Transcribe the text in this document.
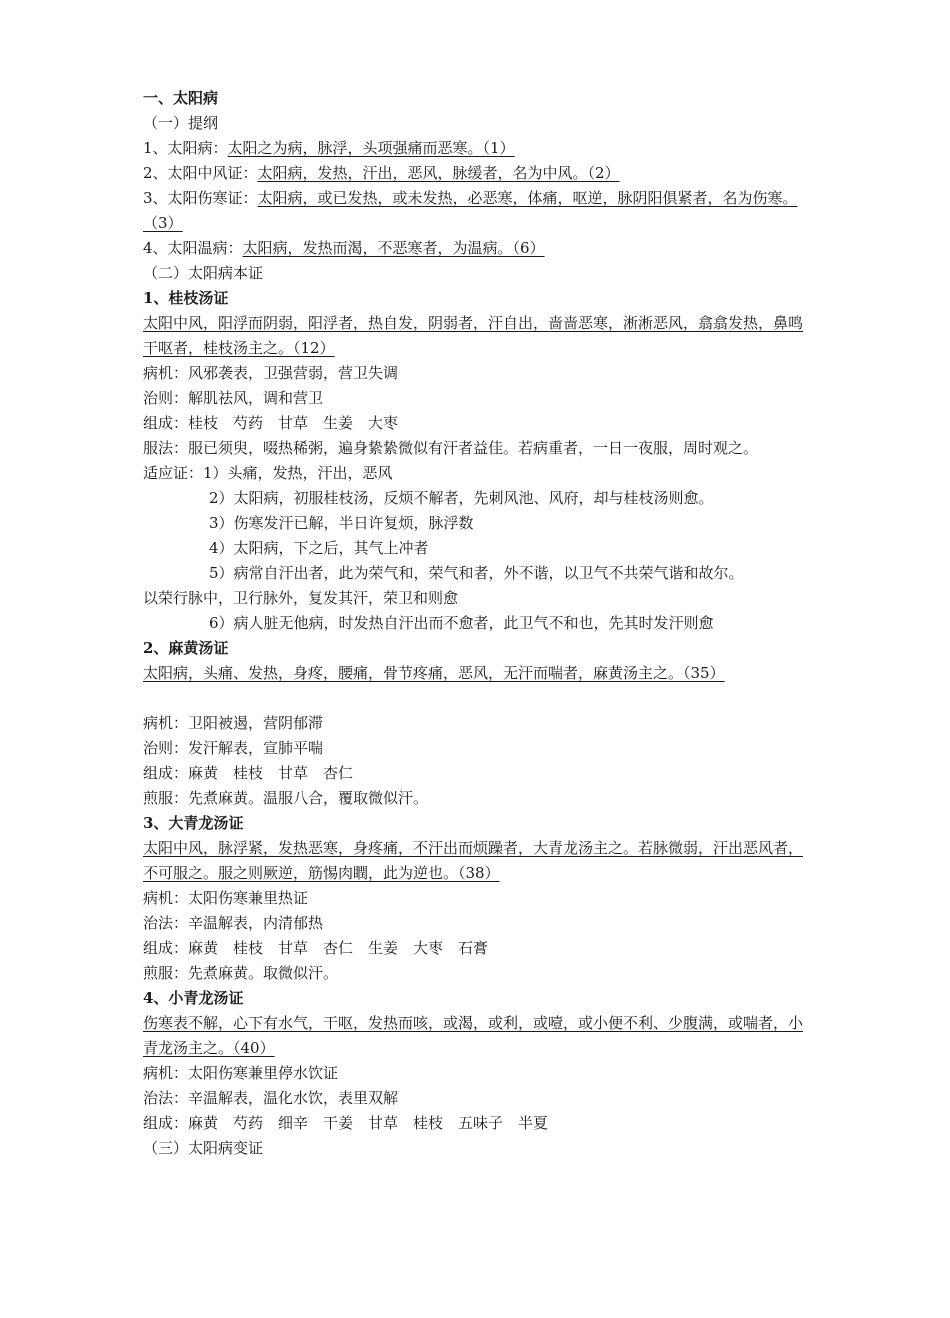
一、太阳病
（一）提纲
1、太阳病：太阳之为病，脉浮，头项强痛而恶寒。（1）
2、太阳中风证：太阳病，发热，汗出，恶风，脉缓者，名为中风。（2）
3、太阳伤寒证：太阳病，或已发热，或未发热，必恶寒，体痛，呕逆，脉阴阳俱紧者，名为伤寒。（3）
4、太阳温病：太阳病，发热而渴，不恶寒者，为温病。（6）
（二）太阳病本证
1、桂枝汤证
太阳中风，阳浮而阴弱，阳浮者，热自发，阴弱者，汗自出，啬啬恶寒，淅淅恶风，翕翕发热，鼻鸣干呕者，桂枝汤主之。（12）
病机：风邪袭表，卫强营弱，营卫失调
治则：解肌祛风，调和营卫
组成：桂枝　芍药　甘草　生姜　大枣
服法：服已须臾，啜热稀粥，遍身絷絷微似有汗者益佳。若病重者，一日一夜服，周时观之。
适应证：1）头痛，发热，汗出，恶风
2）太阳病，初服桂枝汤，反烦不解者，先刺风池、风府，却与桂枝汤则愈。
3）伤寒发汗已解，半日许复烦，脉浮数
4）太阳病，下之后，其气上冲者
5）病常自汗出者，此为荣气和，荣气和者，外不谐，以卫气不共荣气谐和故尔。
以荣行脉中，卫行脉外，复发其汗，荣卫和则愈
6）病人脏无他病，时发热自汗出而不愈者，此卫气不和也，先其时发汗则愈
2、麻黄汤证
太阳病，头痛、发热，身疼，腰痛，骨节疼痛，恶风，无汗而喘者，麻黄汤主之。（35）
病机：卫阳被遏，营阴郁滞
治则：发汗解表，宣肺平喘
组成：麻黄　桂枝　甘草　杏仁
煎服：先煮麻黄。温服八合，覆取微似汗。
3、大青龙汤证
太阳中风，脉浮紧，发热恶寒，身疼痛，不汗出而烦躁者，大青龙汤主之。若脉微弱，汗出恶风者，不可服之。服之则厥逆，筋惕肉瞤，此为逆也。（38）
病机：太阳伤寒兼里热证
治法：辛温解表，内清郁热
组成：麻黄　桂枝　甘草　杏仁　生姜　大枣　石膏
煎服：先煮麻黄。取微似汗。
4、小青龙汤证
伤寒表不解，心下有水气，干呕，发热而咳，或渴，或利，或噎，或小便不利、少腹满，或喘者，小青龙汤主之。（40）
病机：太阳伤寒兼里停水饮证
治法：辛温解表，温化水饮，表里双解
组成：麻黄　芍药　细辛　干姜　甘草　桂枝　五味子　半夏
（三）太阳病变证
